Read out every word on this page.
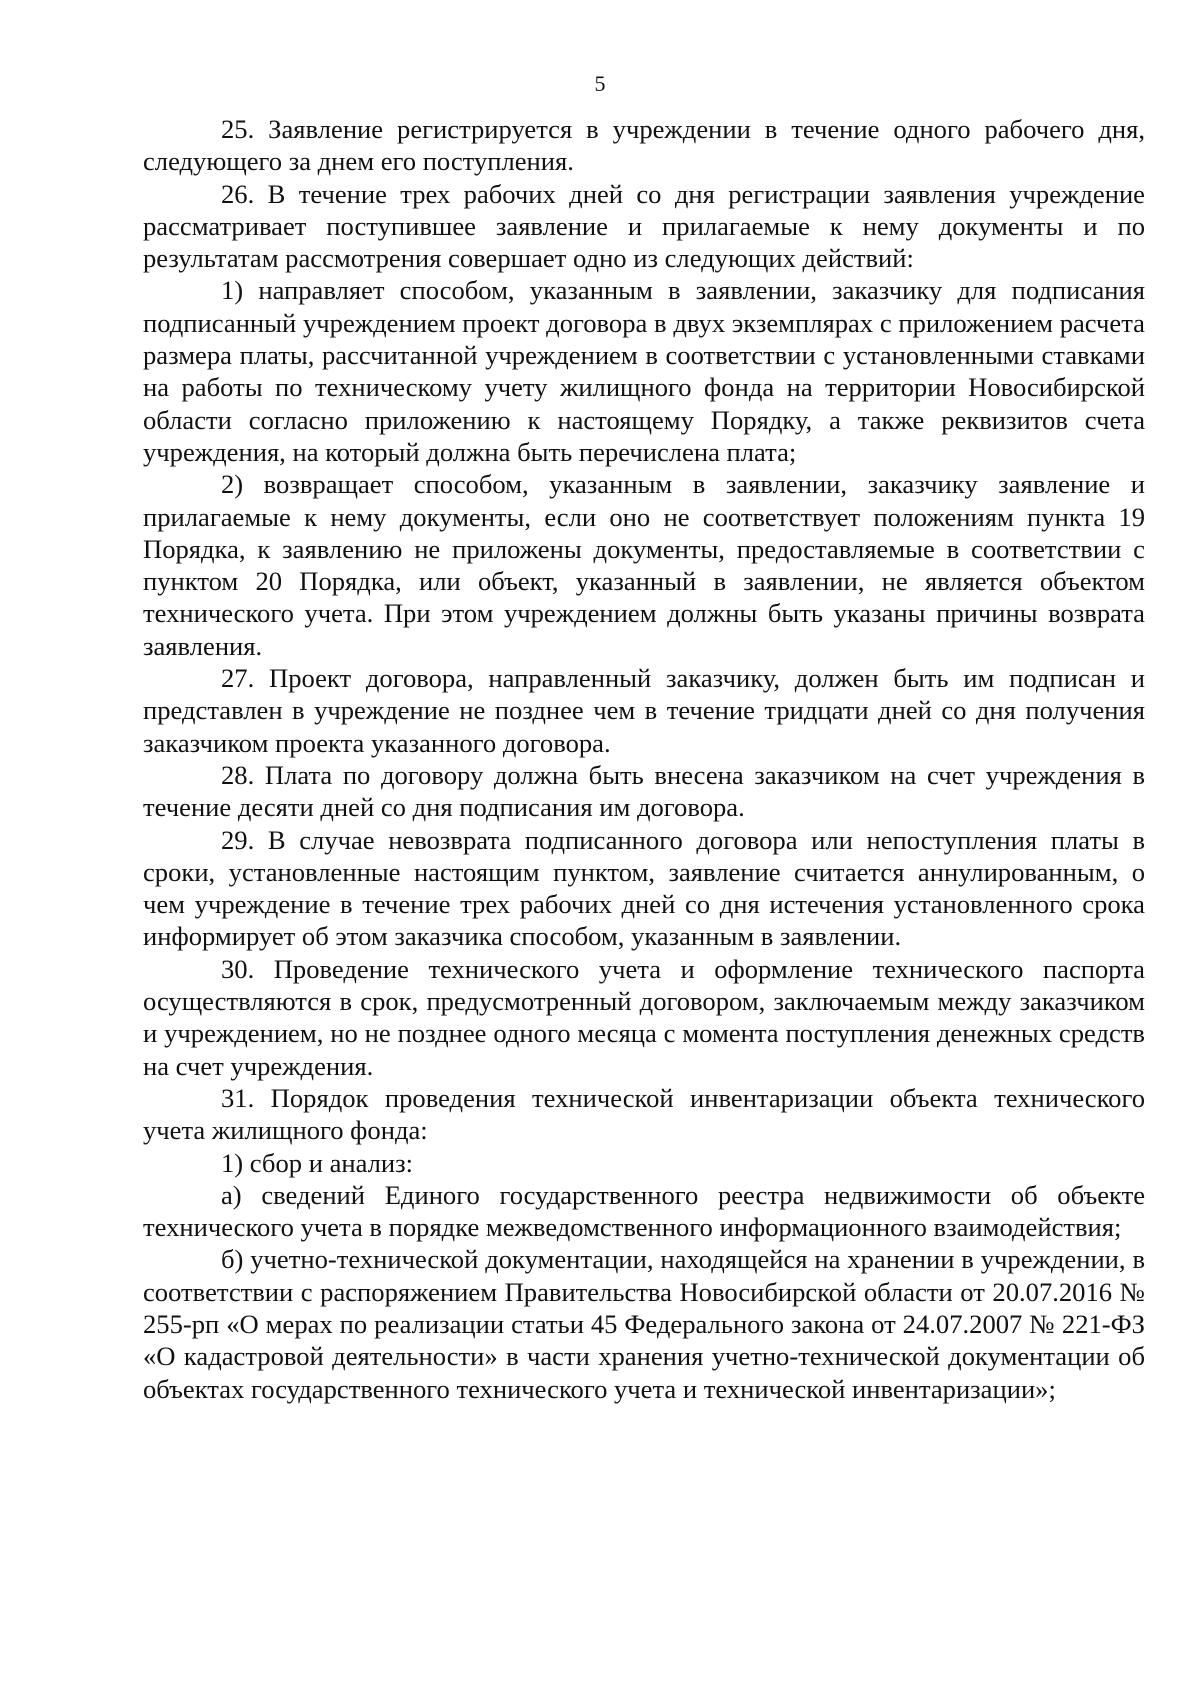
5

25. Заявление регистрируется в учреждении в течение одного рабочего дня, следующего за днем его поступления.

26. В течение трех рабочих дней со дня регистрации заявления учреждение рассматривает поступившее заявление и прилагаемые к нему документы и по результатам рассмотрения совершает одно из следующих действий:

1) направляет способом, указанным в заявлении, заказчику для подписания подписанный учреждением проект договора в двух экземплярах с приложением расчета размера платы, рассчитанной учреждением в соответствии с установленными ставками на работы по техническому учету жилищного фонда на территории Новосибирской области согласно приложению к настоящему Порядку, а также реквизитов счета учреждения, на который должна быть перечислена плата;

2) возвращает способом, указанным в заявлении, заказчику заявление и прилагаемые к нему документы, если оно не соответствует положениям пункта 19 Порядка, к заявлению не приложены документы, предоставляемые в соответствии с пунктом 20 Порядка, или объект, указанный в заявлении, не является объектом технического учета. При этом учреждением должны быть указаны причины возврата заявления.

27. Проект договора, направленный заказчику, должен быть им подписан и представлен в учреждение не позднее чем в течение тридцати дней со дня получения заказчиком проекта указанного договора.

28. Плата по договору должна быть внесена заказчиком на счет учреждения в течение десяти дней со дня подписания им договора.

29. В случае невозврата подписанного договора или непоступления платы в сроки, установленные настоящим пунктом, заявление считается аннулированным, о чем учреждение в течение трех рабочих дней со дня истечения установленного срока информирует об этом заказчика способом, указанным в заявлении.

30. Проведение технического учета и оформление технического паспорта осуществляются в срок, предусмотренный договором, заключаемым между заказчиком и учреждением, но не позднее одного месяца с момента поступления денежных средств на счет учреждения.

31. Порядок проведения технической инвентаризации объекта технического учета жилищного фонда:

1) сбор и анализ:

а) сведений Единого государственного реестра недвижимости об объекте технического учета в порядке межведомственного информационного взаимодействия;

б) учетно-технической документации, находящейся на хранении в учреждении, в соответствии с распоряжением Правительства Новосибирской области от 20.07.2016 № 255-рп «О мерах по реализации статьи 45 Федерального закона от 24.07.2007 № 221-ФЗ «О кадастровой деятельности» в части хранения учетно-технической документации об объектах государственного технического учета и технической инвентаризации»;
